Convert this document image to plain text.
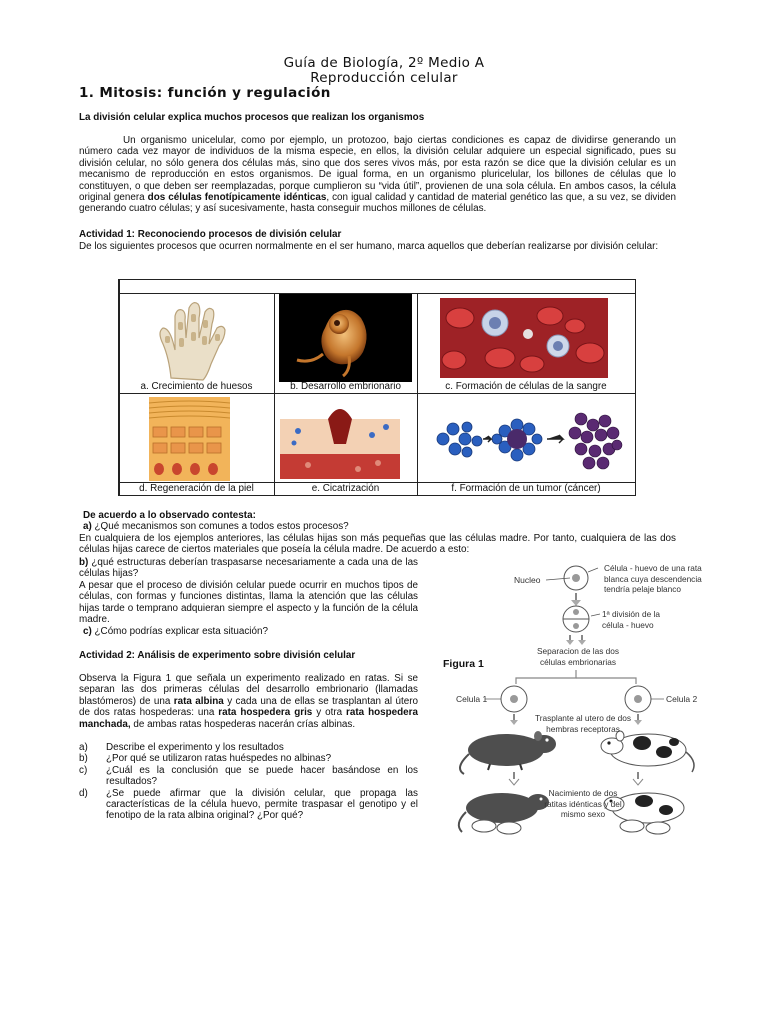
Guía de Biología, 2º Medio A
Reproducción celular
1. Mitosis: función y regulación
La división celular explica muchos procesos que realizan los organismos
Un organismo unicelular, como por ejemplo, un protozoo, bajo ciertas condiciones es capaz de dividirse generando un número cada vez mayor de individuos de la misma especie, en ellos, la división celular adquiere un especial significado, pues su división celular, no sólo genera dos células más, sino que dos seres vivos más, por esta razón se dice que la división celular es un mecanismo de reproducción en estos organismos. De igual forma, en un organismo pluricelular, los billones de células que lo constituyen, o que deben ser reemplazadas, porque cumplieron su “vida útil”, provienen de una sola célula. En ambos casos, la célula original genera dos células fenotípicamente idénticas, con igual calidad y cantidad de material genético las que, a su vez, se dividen generando cuatro células; y así sucesivamente, hasta conseguir muchos millones de células.
Actividad 1: Reconociendo procesos de división celular
De los siguientes procesos que ocurren normalmente en el ser humano, marca aquellos que deberían realizarse por división celular:
a. Crecimiento de huesos	b. Desarrollo embrionario	c. Formación de células de la sangre
d. Regeneración de la piel	e. Cicatrización	f. Formación de un tumor (cáncer)
De acuerdo a lo observado contesta:
a) ¿Qué mecanismos son comunes a todos estos procesos?
En cualquiera de los ejemplos anteriores, las células hijas son más pequeñas que las células madre. Por tanto, cualquiera de las dos células hijas carece de ciertos materiales que poseía la célula madre. De acuerdo a esto:
b) ¿qué estructuras deberían traspasarse necesariamente a cada una de las células hijas?
A pesar que el proceso de división celular puede ocurrir en muchos tipos de células, con formas y funciones distintas, llama la atención que las células hijas tarde o temprano adquieran siempre el aspecto y la función de la célula madre.
c) ¿Cómo podrías explicar esta situación?
Actividad 2: Análisis de experimento sobre división celular
Observa la Figura 1 que señala un experimento realizado en ratas. Si se separan las dos primeras células del desarrollo embrionario (llamadas blastómeros) de una rata albina y cada una de ellas se trasplantan al útero de dos ratas hospederas: una rata hospedera gris y otra rata hospedera manchada, de ambas ratas hospederas nacerán crías albinas.
a)	Describe el experimento y los resultados
b)	¿Por qué se utilizaron ratas huéspedes no albinas?
c)	¿Cuál es la conclusión que se puede hacer basándose en los resultados?
d)	¿Se puede afirmar que la división celular, que propaga las características de la célula huevo, permite traspasar el genotipo y el fenotipo de la rata albina original? ¿Por qué?
Figura 1
Nucleo
Célula - huevo de una rata blanca cuya descendencia tendría pelaje blanco
1ª división de la célula - huevo
Separacion de las dos células embrionarias
Celula 1	Celula 2
Trasplante al utero de dos hembras receptoras
Nacimiento de dos ratitas idénticas y del mismo sexo
